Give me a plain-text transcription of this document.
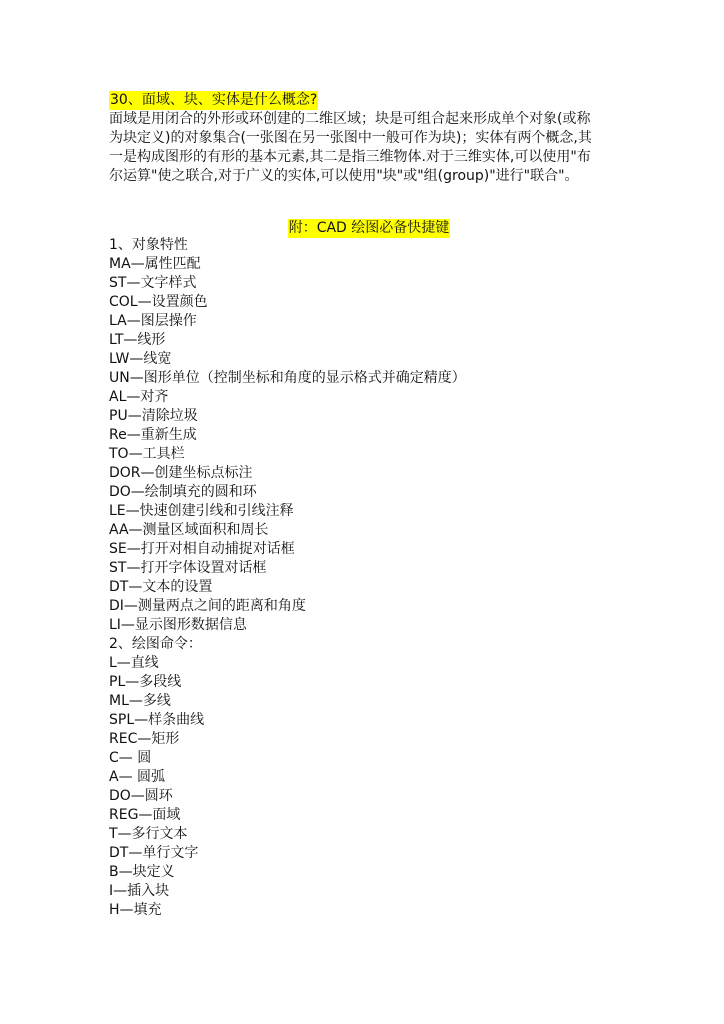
30、面域、块、实体是什么概念?

面域是用闭合的外形或环创建的二维区域；块是可组合起来形成单个对象(或称

为块定义)的对象集合(一张图在另一张图中一般可作为块)；实体有两个概念,其

一是构成图形的有形的基本元素,其二是指三维物体.对于三维实体,可以使用"布

尔运算"使之联合,对于广义的实体,可以使用"块"或"组(group)"进行"联合"。

附：CAD 绘图必备快捷键
1、对象特性
MA—属性匹配
ST—文字样式
COL—设置颜色
LA—图层操作
LT—线形
LW—线宽
UN—图形单位（控制坐标和角度的显示格式并确定精度）
AL—对齐
PU—清除垃圾
Re—重新生成
TO—工具栏
DOR—创建坐标点标注
DO—绘制填充的圆和环
LE—快速创建引线和引线注释
AA—测量区域面积和周长
SE—打开对相自动捕捉对话框
ST—打开字体设置对话框
DT—文本的设置
DI—测量两点之间的距离和角度
LI—显示图形数据信息
2、绘图命令：
L—直线
PL—多段线
ML—多线
SPL—样条曲线
REC—矩形
C— 圆
A— 圆弧
DO—圆环
REG—面域
T—多行文本
DT—单行文字
B—块定义
I—插入块
H—填充
